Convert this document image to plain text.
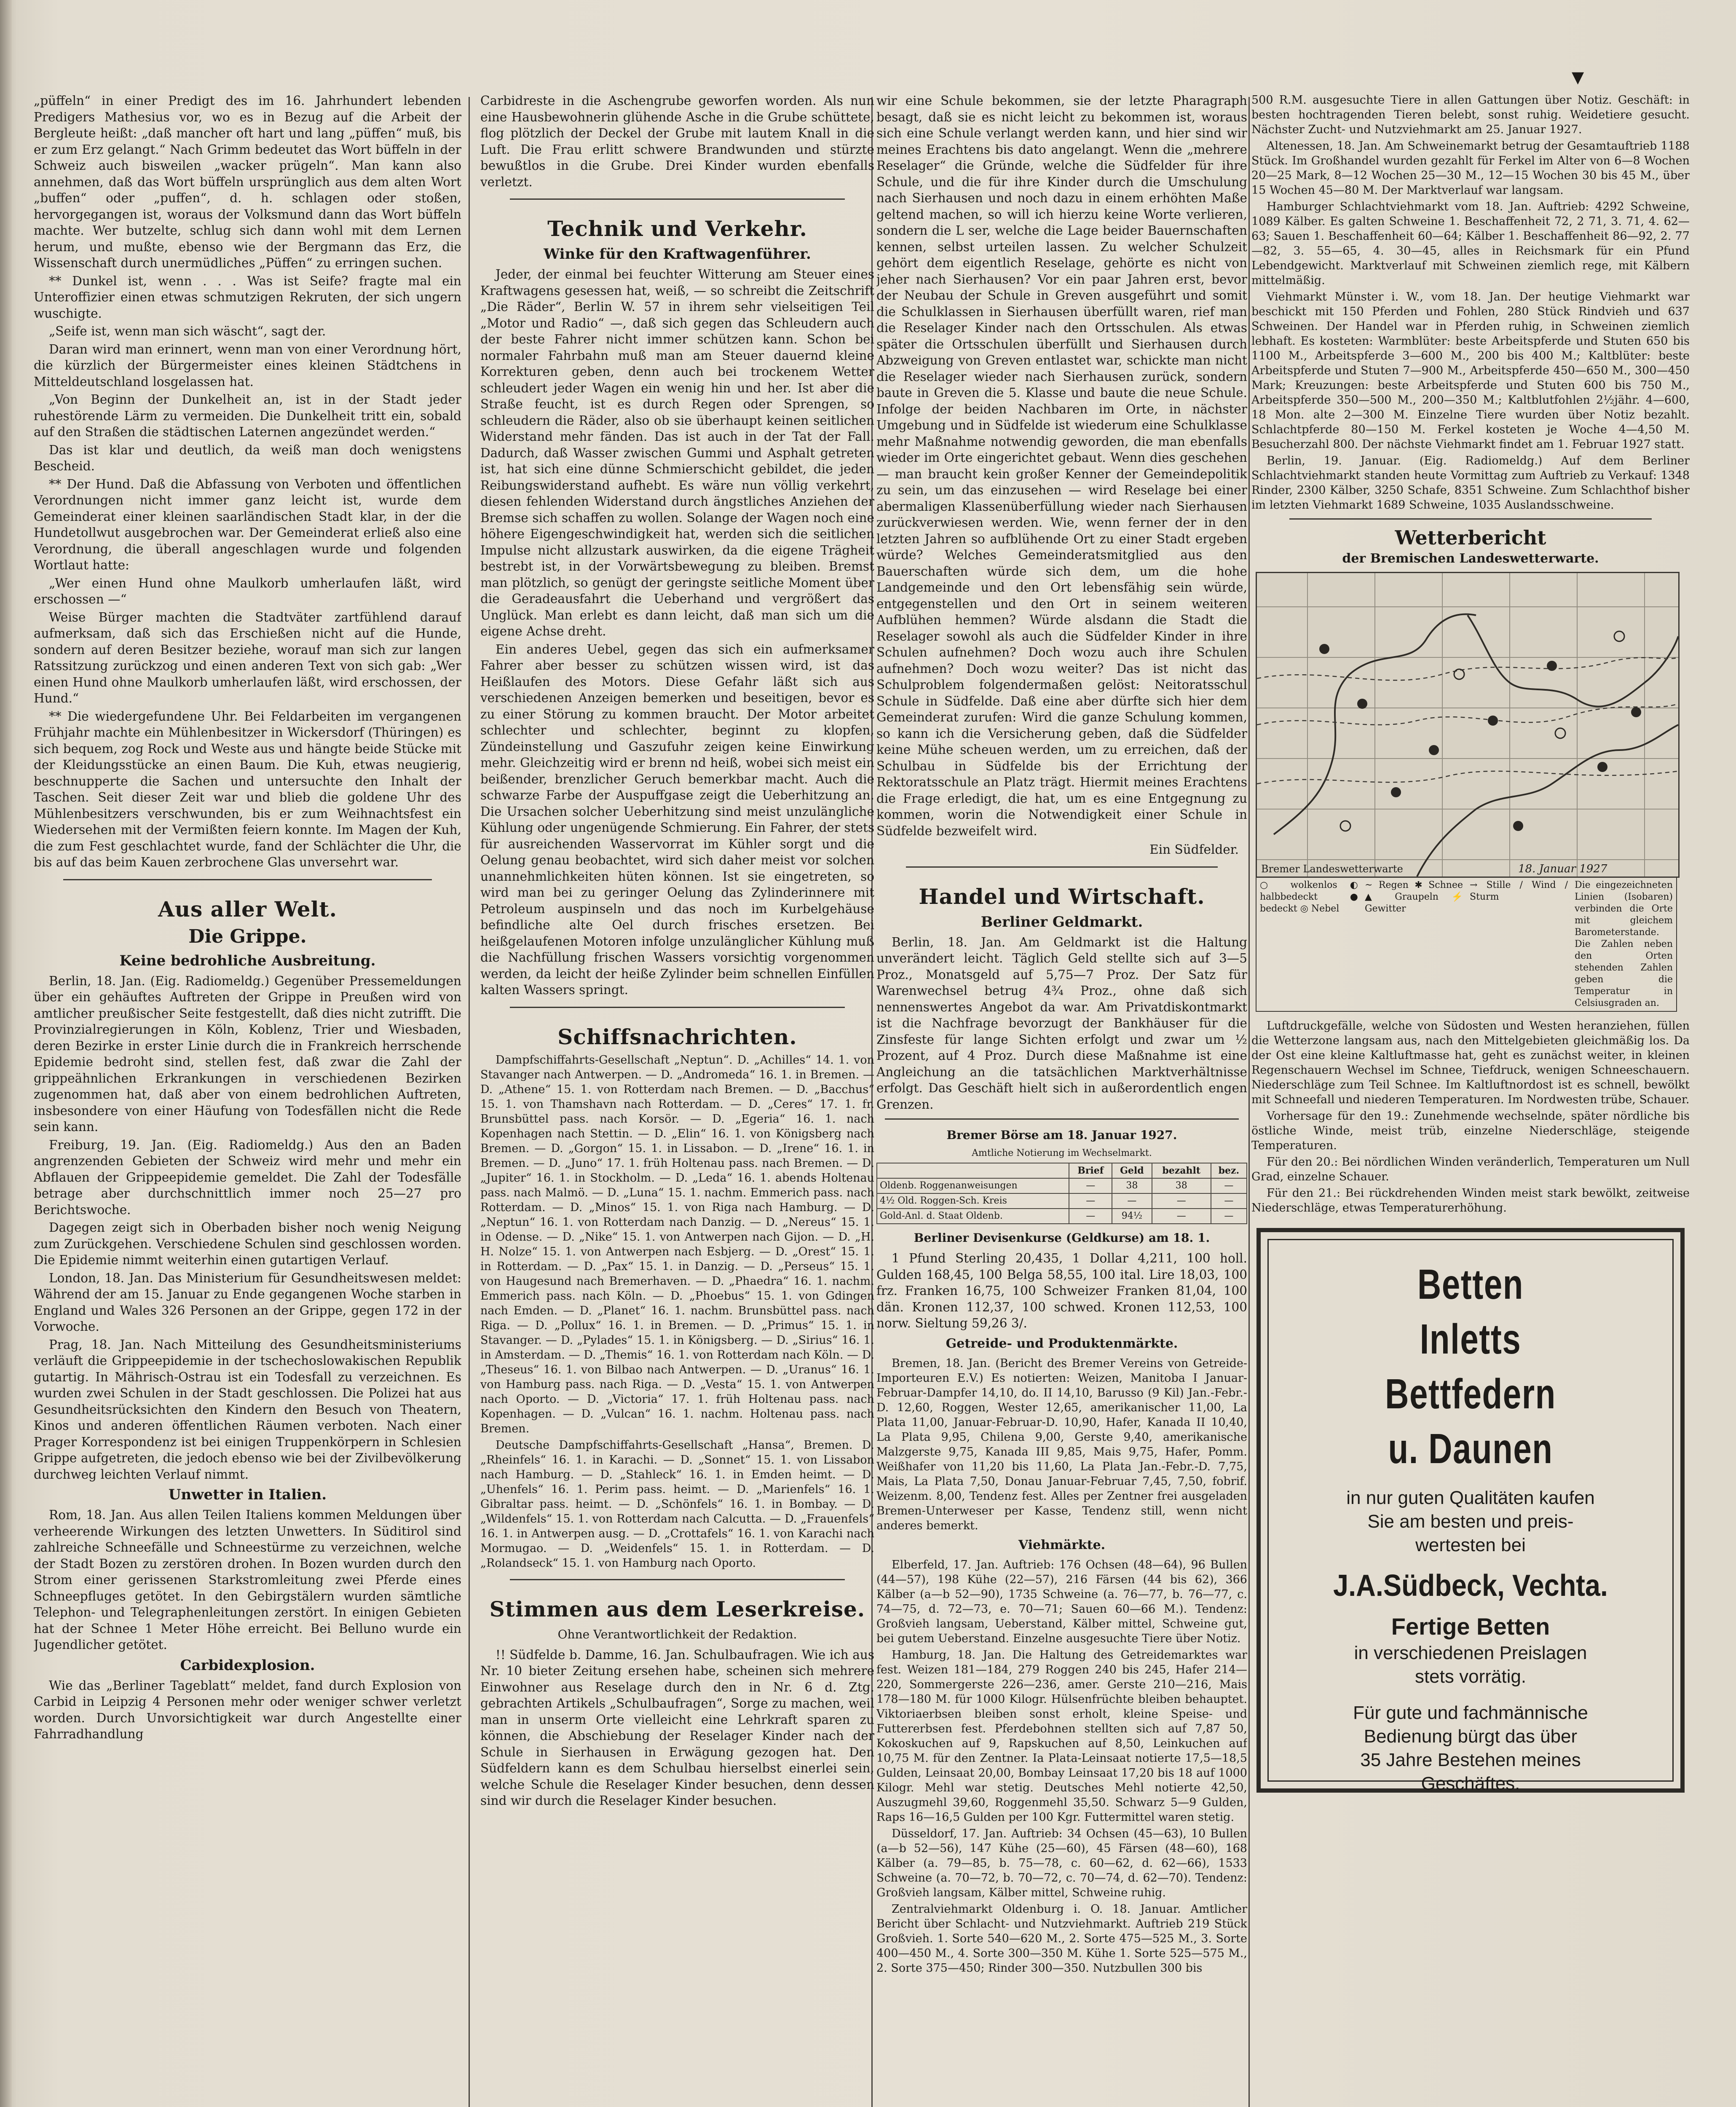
▼

„püffeln“ in einer Predigt des im 16. Jahrhundert lebenden Predigers Mathesius vor, wo es in Bezug auf die Arbeit der Bergleute heißt: „daß mancher oft hart und lang „püffen“ muß, bis er zum Erz gelangt.“ Nach Grimm bedeutet das Wort büffeln in der Schweiz auch bisweilen „wacker prügeln“. Man kann also annehmen, daß das Wort büffeln ursprünglich aus dem alten Wort „buffen“ oder „puffen“, d. h. schlagen oder stoßen, hervorgegangen ist, woraus der Volksmund dann das Wort büffeln machte. Wer butzelte, schlug sich dann wohl mit dem Lernen herum, und mußte, ebenso wie der Bergmann das Erz, die Wissenschaft durch unermüdliches „Püffen“ zu erringen suchen.

** Dunkel ist, wenn . . . Was ist Seife? fragte mal ein Unteroffizier einen etwas schmutzigen Rekruten, der sich ungern wuschigte.

„Seife ist, wenn man sich wäscht“, sagt der.

Daran wird man erinnert, wenn man von einer Verordnung hört, die kürzlich der Bürgermeister eines kleinen Städtchens in Mitteldeutschland losgelassen hat.

„Von Beginn der Dunkelheit an, ist in der Stadt jeder ruhestörende Lärm zu vermeiden. Die Dunkelheit tritt ein, sobald auf den Straßen die städtischen Laternen angezündet werden.“

Das ist klar und deutlich, da weiß man doch wenigstens Bescheid.

** Der Hund. Daß die Abfassung von Verboten und öffentlichen Verordnungen nicht immer ganz leicht ist, wurde dem Gemeinderat einer kleinen saarländischen Stadt klar, in der die Hundetollwut ausgebrochen war. Der Gemeinderat erließ also eine Verordnung, die überall angeschlagen wurde und folgenden Wortlaut hatte:

„Wer einen Hund ohne Maulkorb umherlaufen läßt, wird erschossen —“

Weise Bürger machten die Stadtväter zartfühlend darauf aufmerksam, daß sich das Erschießen nicht auf die Hunde, sondern auf deren Besitzer beziehe, worauf man sich zur langen Ratssitzung zurückzog und einen anderen Text von sich gab: „Wer einen Hund ohne Maulkorb umherlaufen läßt, wird erschossen, der Hund.“

** Die wiedergefundene Uhr. Bei Feldarbeiten im vergangenen Frühjahr machte ein Mühlenbesitzer in Wickersdorf (Thüringen) es sich bequem, zog Rock und Weste aus und hängte beide Stücke mit der Kleidungsstücke an einen Baum. Die Kuh, etwas neugierig, beschnupperte die Sachen und untersuchte den Inhalt der Taschen. Seit dieser Zeit war und blieb die goldene Uhr des Mühlenbesitzers verschwunden, bis er zum Weihnachtsfest ein Wiedersehen mit der Vermißten feiern konnte. Im Magen der Kuh, die zum Fest geschlachtet wurde, fand der Schlächter die Uhr, die bis auf das beim Kauen zerbrochene Glas unversehrt war.

Aus aller Welt.
Die Grippe.
Keine bedrohliche Ausbreitung.

Berlin, 18. Jan. (Eig. Radiomeldg.) Gegenüber Pressemeldungen über ein gehäuftes Auftreten der Grippe in Preußen wird von amtlicher preußischer Seite festgestellt, daß dies nicht zutrifft. Die Provinzialregierungen in Köln, Koblenz, Trier und Wiesbaden, deren Bezirke in erster Linie durch die in Frankreich herrschende Epidemie bedroht sind, stellen fest, daß zwar die Zahl der grippeähnlichen Erkrankungen in verschiedenen Bezirken zugenommen hat, daß aber von einem bedrohlichen Auftreten, insbesondere von einer Häufung von Todesfällen nicht die Rede sein kann.

Freiburg, 19. Jan. (Eig. Radiomeldg.) Aus den an Baden angrenzenden Gebieten der Schweiz wird mehr und mehr ein Abflauen der Grippeepidemie gemeldet. Die Zahl der Todesfälle betrage aber durchschnittlich immer noch 25—27 pro Berichtswoche.

Dagegen zeigt sich in Oberbaden bisher noch wenig Neigung zum Zurückgehen. Verschiedene Schulen sind geschlossen worden. Die Epidemie nimmt weiterhin einen gutartigen Verlauf.

London, 18. Jan. Das Ministerium für Gesundheitswesen meldet: Während der am 15. Januar zu Ende gegangenen Woche starben in England und Wales 326 Personen an der Grippe, gegen 172 in der Vorwoche.

Prag, 18. Jan. Nach Mitteilung des Gesundheitsministeriums verläuft die Grippeepidemie in der tschechoslowakischen Republik gutartig. In Mährisch-Ostrau ist ein Todesfall zu verzeichnen. Es wurden zwei Schulen in der Stadt geschlossen. Die Polizei hat aus Gesundheitsrücksichten den Kindern den Besuch von Theatern, Kinos und anderen öffentlichen Räumen verboten. Nach einer Prager Korrespondenz ist bei einigen Truppenkörpern in Schlesien Grippe aufgetreten, die jedoch ebenso wie bei der Zivilbevölkerung durchweg leichten Verlauf nimmt.

Unwetter in Italien.

Rom, 18. Jan. Aus allen Teilen Italiens kommen Meldungen über verheerende Wirkungen des letzten Unwetters. In Süditirol sind zahlreiche Schneefälle und Schneestürme zu verzeichnen, welche der Stadt Bozen zu zerstören drohen. In Bozen wurden durch den Strom einer gerissenen Starkstromleitung zwei Pferde eines Schneepfluges getötet. In den Gebirgstälern wurden sämtliche Telephon- und Telegraphenleitungen zerstört. In einigen Gebieten hat der Schnee 1 Meter Höhe erreicht. Bei Belluno wurde ein Jugendlicher getötet.

Carbidexplosion.

Wie das „Berliner Tageblatt“ meldet, fand durch Explosion von Carbid in Leipzig 4 Personen mehr oder weniger schwer verletzt worden. Durch Unvorsichtigkeit war durch Angestellte einer Fahrradhandlung

Carbidreste in die Aschengrube geworfen worden. Als nun eine Hausbewohnerin glühende Asche in die Grube schüttete, flog plötzlich der Deckel der Grube mit lautem Knall in die Luft. Die Frau erlitt schwere Brandwunden und stürzte bewußtlos in die Grube. Drei Kinder wurden ebenfalls verletzt.

Technik und Verkehr.
Winke für den Kraftwagenführer.

Jeder, der einmal bei feuchter Witterung am Steuer eines Kraftwagens gesessen hat, weiß, — so schreibt die Zeitschrift „Die Räder“, Berlin W. 57 in ihrem sehr vielseitigen Teil „Motor und Radio“ —, daß sich gegen das Schleudern auch der beste Fahrer nicht immer schützen kann. Schon bei normaler Fahrbahn muß man am Steuer dauernd kleine Korrekturen geben, denn auch bei trockenem Wetter schleudert jeder Wagen ein wenig hin und her. Ist aber die Straße feucht, ist es durch Regen oder Sprengen, so schleudern die Räder, also ob sie überhaupt keinen seitlichen Widerstand mehr fänden. Das ist auch in der Tat der Fall. Dadurch, daß Wasser zwischen Gummi und Asphalt getreten ist, hat sich eine dünne Schmierschicht gebildet, die jeden Reibungswiderstand aufhebt. Es wäre nun völlig verkehrt, diesen fehlenden Widerstand durch ängstliches Anziehen der Bremse sich schaffen zu wollen. Solange der Wagen noch eine höhere Eigengeschwindigkeit hat, werden sich die seitlichen Impulse nicht allzustark auswirken, da die eigene Trägheit bestrebt ist, in der Vorwärtsbewegung zu bleiben. Bremst man plötzlich, so genügt der geringste seitliche Moment über die Geradeausfahrt die Ueberhand und vergrößert das Unglück. Man erlebt es dann leicht, daß man sich um die eigene Achse dreht.

Ein anderes Uebel, gegen das sich ein aufmerksamer Fahrer aber besser zu schützen wissen wird, ist das Heißlaufen des Motors. Diese Gefahr läßt sich aus verschiedenen Anzeigen bemerken und beseitigen, bevor es zu einer Störung zu kommen braucht. Der Motor arbeitet schlechter und schlechter, beginnt zu klopfen, Zündeinstellung und Gaszufuhr zeigen keine Einwirkung mehr. Gleichzeitig wird er brenn nd heiß, wobei sich meist ein beißender, brenzlicher Geruch bemerkbar macht. Auch die schwarze Farbe der Auspuffgase zeigt die Ueberhitzung an. Die Ursachen solcher Ueberhitzung sind meist unzulängliche Kühlung oder ungenügende Schmierung. Ein Fahrer, der stets für ausreichenden Wasservorrat im Kühler sorgt und die Oelung genau beobachtet, wird sich daher meist vor solchen unannehmlichkeiten hüten können. Ist sie eingetreten, so wird man bei zu geringer Oelung das Zylinderinnere mit Petroleum auspinseln und das noch im Kurbelgehäuse befindliche alte Oel durch frisches ersetzen. Bei heißgelaufenen Motoren infolge unzulänglicher Kühlung muß die Nachfüllung frischen Wassers vorsichtig vorgenommen werden, da leicht der heiße Zylinder beim schnellen Einfüllen kalten Wassers springt.

Schiffsnachrichten.

Dampfschiffahrts-Gesellschaft „Neptun“. D. „Achilles“ 14. 1. von Stavanger nach Antwerpen. — D. „Andromeda“ 16. 1. in Bremen. — D. „Athene“ 15. 1. von Rotterdam nach Bremen. — D. „Bacchus“ 15. 1. von Thamshavn nach Rotterdam. — D. „Ceres“ 17. 1. fr. Brunsbüttel pass. nach Korsör. — D. „Egeria“ 16. 1. nach Kopenhagen nach Stettin. — D. „Elin“ 16. 1. von Königsberg nach Bremen. — D. „Gorgon“ 15. 1. in Lissabon. — D. „Irene“ 16. 1. in Bremen. — D. „Juno“ 17. 1. früh Holtenau pass. nach Bremen. — D. „Jupiter“ 16. 1. in Stockholm. — D. „Leda“ 16. 1. abends Holtenau pass. nach Malmö. — D. „Luna“ 15. 1. nachm. Emmerich pass. nach Rotterdam. — D. „Minos“ 15. 1. von Riga nach Hamburg. — D. „Neptun“ 16. 1. von Rotterdam nach Danzig. — D. „Nereus“ 15. 1. in Odense. — D. „Nike“ 15. 1. von Antwerpen nach Gijon. — D. „H. H. Nolze“ 15. 1. von Antwerpen nach Esbjerg. — D. „Orest“ 15. 1. in Rotterdam. — D. „Pax“ 15. 1. in Danzig. — D. „Perseus“ 15. 1. von Haugesund nach Bremerhaven. — D. „Phaedra“ 16. 1. nachm. Emmerich pass. nach Köln. — D. „Phoebus“ 15. 1. von Gdingen nach Emden. — D. „Planet“ 16. 1. nachm. Brunsbüttel pass. nach Riga. — D. „Pollux“ 16. 1. in Bremen. — D. „Primus“ 15. 1. in Stavanger. — D. „Pylades“ 15. 1. in Königsberg. — D. „Sirius“ 16. 1. in Amsterdam. — D. „Themis“ 16. 1. von Rotterdam nach Köln. — D. „Theseus“ 16. 1. von Bilbao nach Antwerpen. — D. „Uranus“ 16. 1. von Hamburg pass. nach Riga. — D. „Vesta“ 15. 1. von Antwerpen nach Oporto. — D. „Victoria“ 17. 1. früh Holtenau pass. nach Kopenhagen. — D. „Vulcan“ 16. 1. nachm. Holtenau pass. nach Bremen.

Deutsche Dampfschiffahrts-Gesellschaft „Hansa“, Bremen. D. „Rheinfels“ 16. 1. in Karachi. — D. „Sonnet“ 15. 1. von Lissabon nach Hamburg. — D. „Stahleck“ 16. 1. in Emden heimt. — D. „Uhenfels“ 16. 1. Perim pass. heimt. — D. „Marienfels“ 16. 1. Gibraltar pass. heimt. — D. „Schönfels“ 16. 1. in Bombay. — D. „Wildenfels“ 15. 1. von Rotterdam nach Calcutta. — D. „Frauenfels“ 16. 1. in Antwerpen ausg. — D. „Crottafels“ 16. 1. von Karachi nach Mormugao. — D. „Weidenfels“ 15. 1. in Rotterdam. — D. „Rolandseck“ 15. 1. von Hamburg nach Oporto.

Stimmen aus dem Leserkreise.
Ohne Verantwortlichkeit der Redaktion.

!! Südfelde b. Damme, 16. Jan. Schulbaufragen. Wie ich aus Nr. 10 bieter Zeitung ersehen habe, scheinen sich mehrere Einwohner aus Reselage durch den in Nr. 6 d. Ztg. gebrachten Artikels „Schulbaufragen“, Sorge zu machen, weil man in unserm Orte vielleicht eine Lehrkraft sparen zu können, die Abschiebung der Reselager Kinder nach der Schule in Sierhausen in Erwägung gezogen hat. Den Südfeldern kann es dem Schulbau hierselbst einerlei sein, welche Schule die Reselager Kinder besuchen, denn dessen sind wir durch die Reselager Kinder besuchen.

wir eine Schule bekommen, sie der letzte Pharagraph besagt, daß sie es nicht leicht zu bekommen ist, woraus sich eine Schule verlangt werden kann, und hier sind wir meines Erachtens bis dato angelangt. Wenn die „mehrere Reselager“ die Gründe, welche die Südfelder für ihre Schule, und die für ihre Kinder durch die Umschulung nach Sierhausen und noch dazu in einem erhöhten Maße geltend machen, so will ich hierzu keine Worte verlieren, sondern die L ser, welche die Lage beider Bauernschaften kennen, selbst urteilen lassen. Zu welcher Schulzeit gehört dem eigentlich Reselage, gehörte es nicht von jeher nach Sierhausen? Vor ein paar Jahren erst, bevor der Neubau der Schule in Greven ausgeführt und somit die Schulklassen in Sierhausen überfüllt waren, rief man die Reselager Kinder nach den Ortsschulen. Als etwas später die Ortsschulen überfüllt und Sierhausen durch Abzweigung von Greven entlastet war, schickte man nicht die Reselager wieder nach Sierhausen zurück, sondern baute in Greven die 5. Klasse und baute die neue Schule. Infolge der beiden Nachbaren im Orte, in nächster Umgebung und in Südfelde ist wiederum eine Schulklasse mehr Maßnahme notwendig geworden, die man ebenfalls wieder im Orte eingerichtet gebaut. Wenn dies geschehen — man braucht kein großer Kenner der Gemeindepolitik zu sein, um das einzusehen — wird Reselage bei einer abermaligen Klassenüberfüllung wieder nach Sierhausen zurückverwiesen werden. Wie, wenn ferner der in den letzten Jahren so aufblühende Ort zu einer Stadt ergeben würde? Welches Gemeinderatsmitglied aus den Bauerschaften würde sich dem, um die hohe Landgemeinde und den Ort lebensfähig sein würde, entgegenstellen und den Ort in seinem weiteren Aufblühen hemmen? Würde alsdann die Stadt die Reselager sowohl als auch die Südfelder Kinder in ihre Schulen aufnehmen? Doch wozu auch ihre Schulen aufnehmen? Doch wozu weiter? Das ist nicht das Schulproblem folgendermaßen gelöst: Neitoratsschul Schule in Südfelde. Daß eine aber dürfte sich hier dem Gemeinderat zurufen: Wird die ganze Schulung kommen, so kann ich die Versicherung geben, daß die Südfelder keine Mühe scheuen werden, um zu erreichen, daß der Schulbau in Südfelde bis der Errichtung der Rektoratsschule an Platz trägt. Hiermit meines Erachtens die Frage erledigt, die hat, um es eine Entgegnung zu kommen, worin die Notwendigkeit einer Schule in Südfelde bezweifelt wird.

Ein Südfelder.
Handel und Wirtschaft.
Berliner Geldmarkt.

Berlin, 18. Jan. Am Geldmarkt ist die Haltung unverändert leicht. Täglich Geld stellte sich auf 3—5 Proz., Monatsgeld auf 5,75—7 Proz. Der Satz für Warenwechsel betrug 4¾ Proz., ohne daß sich nennenswertes Angebot da war. Am Privatdiskontmarkt ist die Nachfrage bevorzugt der Bankhäuser für die Zinsfeste für lange Sichten erfolgt und zwar um ½ Prozent, auf 4 Proz. Durch diese Maßnahme ist eine Angleichung an die tatsächlichen Marktverhältnisse erfolgt. Das Geschäft hielt sich in außerordentlich engen Grenzen.

Bremer Börse am 18. Januar 1927.
Amtliche Notierung im Wechselmarkt.
	Brief	Geld	bezahlt	bez.
Oldenb. Roggenanweisungen	—	38	38	—
4½ Old. Roggen-Sch. Kreis	—	—	—	—
Gold-Anl. d. Staat Oldenb.	—	94½	—	—
Berliner Devisenkurse (Geldkurse) am 18. 1.

1 Pfund Sterling 20,435, 1 Dollar 4,211, 100 holl. Gulden 168,45, 100 Belga 58,55, 100 ital. Lire 18,03, 100 frz. Franken 16,75, 100 Schweizer Franken 81,04, 100 dän. Kronen 112,37, 100 schwed. Kronen 112,53, 100 norw. Sieltung 59,26 3/.

Getreide- und Produktenmärkte.

Bremen, 18. Jan. (Bericht des Bremer Vereins von Getreide-Importeuren E.V.) Es notierten: Weizen, Manitoba I Januar-Februar-Dampfer 14,10, do. II 14,10, Barusso (9 Kil) Jan.-Febr.-D. 12,60, Roggen, Wester 12,65, amerikanischer 11,00, La Plata 11,00, Januar-Februar-D. 10,90, Hafer, Kanada II 10,40, La Plata 9,95, Chilena 9,00, Gerste 9,40, amerikanische Malzgerste 9,75, Kanada III 9,85, Mais 9,75, Hafer, Pomm. Weißhafer von 11,20 bis 11,60, La Plata Jan.-Febr.-D. 7,75, Mais, La Plata 7,50, Donau Januar-Februar 7,45, 7,50, fobrif. Weizenm. 8,00, Tendenz fest. Alles per Zentner frei ausgeladen Bremen-Unterweser per Kasse, Tendenz still, wenn nicht anderes bemerkt.

Viehmärkte.

Elberfeld, 17. Jan. Auftrieb: 176 Ochsen (48—64), 96 Bullen (44—57), 198 Kühe (22—57), 216 Färsen (44 bis 62), 366 Kälber (a—b 52—90), 1735 Schweine (a. 76—77, b. 76—77, c. 74—75, d. 72—73, e. 70—71; Sauen 60—66 M.). Tendenz: Großvieh langsam, Ueberstand, Kälber mittel, Schweine gut, bei gutem Ueberstand. Einzelne ausgesuchte Tiere über Notiz.

Hamburg, 18. Jan. Die Haltung des Getreidemarktes war fest. Weizen 181—184, 279 Roggen 240 bis 245, Hafer 214—220, Sommergerste 226—236, amer. Gerste 210—216, Mais 178—180 M. für 1000 Kilogr. Hülsenfrüchte bleiben behauptet. Viktoriaerbsen bleiben sonst erholt, kleine Speise- und Futtererbsen fest. Pferdebohnen stellten sich auf 7,87 50, Kokoskuchen auf 9, Rapskuchen auf 8,50, Leinkuchen auf 10,75 M. für den Zentner. Ia Plata-Leinsaat notierte 17,5—18,5 Gulden, Leinsaat 20,00, Bombay Leinsaat 17,20 bis 18 auf 1000 Kilogr. Mehl war stetig. Deutsches Mehl notierte 42,50, Auszugmehl 39,60, Roggenmehl 35,50. Schwarz 5—9 Gulden, Raps 16—16,5 Gulden per 100 Kgr. Futtermittel waren stetig.

Düsseldorf, 17. Jan. Auftrieb: 34 Ochsen (45—63), 10 Bullen (a—b 52—56), 147 Kühe (25—60), 45 Färsen (48—60), 168 Kälber (a. 79—85, b. 75—78, c. 60—62, d. 62—66), 1533 Schweine (a. 70—72, b. 70—72, c. 70—74, d. 62—70). Tendenz: Großvieh langsam, Kälber mittel, Schweine ruhig.

Zentralviehmarkt Oldenburg i. O. 18. Januar. Amtlicher Bericht über Schlacht- und Nutzviehmarkt. Auftrieb 219 Stück Großvieh. 1. Sorte 540—620 M., 2. Sorte 475—525 M., 3. Sorte 400—450 M., 4. Sorte 300—350 M. Kühe 1. Sorte 525—575 M., 2. Sorte 375—450; Rinder 300—350. Nutzbullen 300 bis

500 R.M. ausgesuchte Tiere in allen Gattungen über Notiz. Geschäft: in besten hochtragenden Tieren belebt, sonst ruhig. Weidetiere gesucht. Nächster Zucht- und Nutzviehmarkt am 25. Januar 1927.

Altenessen, 18. Jan. Am Schweinemarkt betrug der Gesamtauftrieb 1188 Stück. Im Großhandel wurden gezahlt für Ferkel im Alter von 6—8 Wochen 20—25 Mark, 8—12 Wochen 25—30 M., 12—15 Wochen 30 bis 45 M., über 15 Wochen 45—80 M. Der Marktverlauf war langsam.

Hamburger Schlachtviehmarkt vom 18. Jan. Auftrieb: 4292 Schweine, 1089 Kälber. Es galten Schweine 1. Beschaffenheit 72, 2 71, 3. 71, 4. 62—63; Sauen 1. Beschaffenheit 60—64; Kälber 1. Beschaffenheit 86—92, 2. 77—82, 3. 55—65, 4. 30—45, alles in Reichsmark für ein Pfund Lebendgewicht. Marktverlauf mit Schweinen ziemlich rege, mit Kälbern mittelmäßig.

Viehmarkt Münster i. W., vom 18. Jan. Der heutige Viehmarkt war beschickt mit 150 Pferden und Fohlen, 280 Stück Rindvieh und 637 Schweinen. Der Handel war in Pferden ruhig, in Schweinen ziemlich lebhaft. Es kosteten: Warmblüter: beste Arbeitspferde und Stuten 650 bis 1100 M., Arbeitspferde 3—600 M., 200 bis 400 M.; Kaltblüter: beste Arbeitspferde und Stuten 7—900 M., Arbeitspferde 450—650 M., 300—450 Mark; Kreuzungen: beste Arbeitspferde und Stuten 600 bis 750 M., Arbeitspferde 350—500 M., 200—350 M.; Kaltblutfohlen 2½jähr. 4—600, 18 Mon. alte 2—300 M. Einzelne Tiere wurden über Notiz bezahlt. Schlachtpferde 80—150 M. Ferkel kosteten je Woche 4—4,50 M. Besucherzahl 800. Der nächste Viehmarkt findet am 1. Februar 1927 statt.

Berlin, 19. Januar. (Eig. Radiomeldg.) Auf dem Berliner Schlachtviehmarkt standen heute Vormittag zum Auftrieb zu Verkauf: 1348 Rinder, 2300 Kälber, 3250 Schafe, 8351 Schweine. Zum Schlachthof bisher im letzten Viehmarkt 1689 Schweine, 1035 Auslandsschweine.

Wetterbericht
der Bremischen Landeswetterwarte.
Bremer Landeswetterwarte	18. Januar 1927
○ wolkenlos ◐ halbbedeckt ● bedeckt ◎ Nebel
~ Regen ✱ Schnee ▲ Graupeln ⚡ Gewitter
→ Stille / Wind / Sturm
Die eingezeichneten Linien (Isobaren) verbinden die Orte mit gleichem Barometerstande. Die Zahlen neben den Orten stehenden Zahlen geben die Temperatur in Celsiusgraden an.

Luftdruckgefälle, welche von Südosten und Westen heranziehen, füllen die Wetterzone langsam aus, nach den Mittelgebieten gleichmäßig los. Da der Ost eine kleine Kaltluftmasse hat, geht es zunächst weiter, in kleinen Regenschauern Wechsel im Schnee, Tiefdruck, wenigen Schneeschauern. Niederschläge zum Teil Schnee. Im Kaltluftnordost ist es schnell, bewölkt mit Schneefall und niederen Temperaturen. Im Nordwesten trübe, Schauer.

Vorhersage für den 19.: Zunehmende wechselnde, später nördliche bis östliche Winde, meist trüb, einzelne Niederschläge, steigende Temperaturen.

Für den 20.: Bei nördlichen Winden veränderlich, Temperaturen um Null Grad, einzelne Schauer.

Für den 21.: Bei rückdrehenden Winden meist stark bewölkt, zeitweise Niederschläge, etwas Temperaturerhöhung.

Betten
Inletts
Bettfedern
u. Daunen
in nur guten Qualitäten kaufen
Sie am besten und preis-
wertesten bei
J.A.Südbeck, Vechta.
Fertige Betten
in verschiedenen Preislagen
stets vorrätig.
Für gute und fachmännische
Bedienung bürgt das über
35 Jahre Bestehen meines
Geschäftes.
